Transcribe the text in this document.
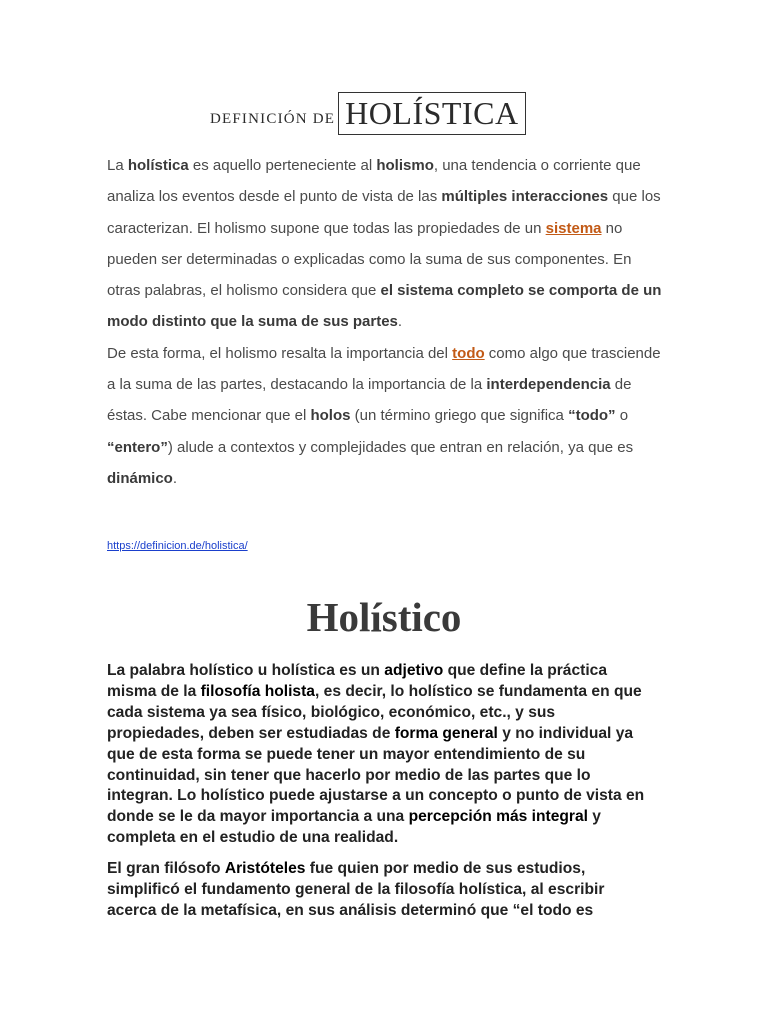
DEFINICIÓN DE HOLÍSTICA

La holística es aquello perteneciente al holismo, una tendencia o corriente que analiza los eventos desde el punto de vista de las múltiples interacciones que los caracterizan. El holismo supone que todas las propiedades de un sistema no pueden ser determinadas o explicadas como la suma de sus componentes. En otras palabras, el holismo considera que el sistema completo se comporta de un modo distinto que la suma de sus partes.

De esta forma, el holismo resalta la importancia del todo como algo que trasciende a la suma de las partes, destacando la importancia de la interdependencia de éstas. Cabe mencionar que el holos (un término griego que significa “todo” o “entero”) alude a contextos y complejidades que entran en relación, ya que es dinámico.

https://definicion.de/holistica/
Holístico

La palabra holístico u holística es un adjetivo que define la práctica misma de la filosofía holista, es decir, lo holístico se fundamenta en que cada sistema ya sea físico, biológico, económico, etc., y sus propiedades, deben ser estudiadas de forma general y no individual ya que de esta forma se puede tener un mayor entendimiento de su continuidad, sin tener que hacerlo por medio de las partes que lo integran. Lo holístico puede ajustarse a un concepto o punto de vista en donde se le da mayor importancia a una percepción más integral y completa en el estudio de una realidad.

El gran filósofo Aristóteles fue quien por medio de sus estudios, simplificó el fundamento general de la filosofía holística, al escribir acerca de la metafísica, en sus análisis determinó que “el todo es
